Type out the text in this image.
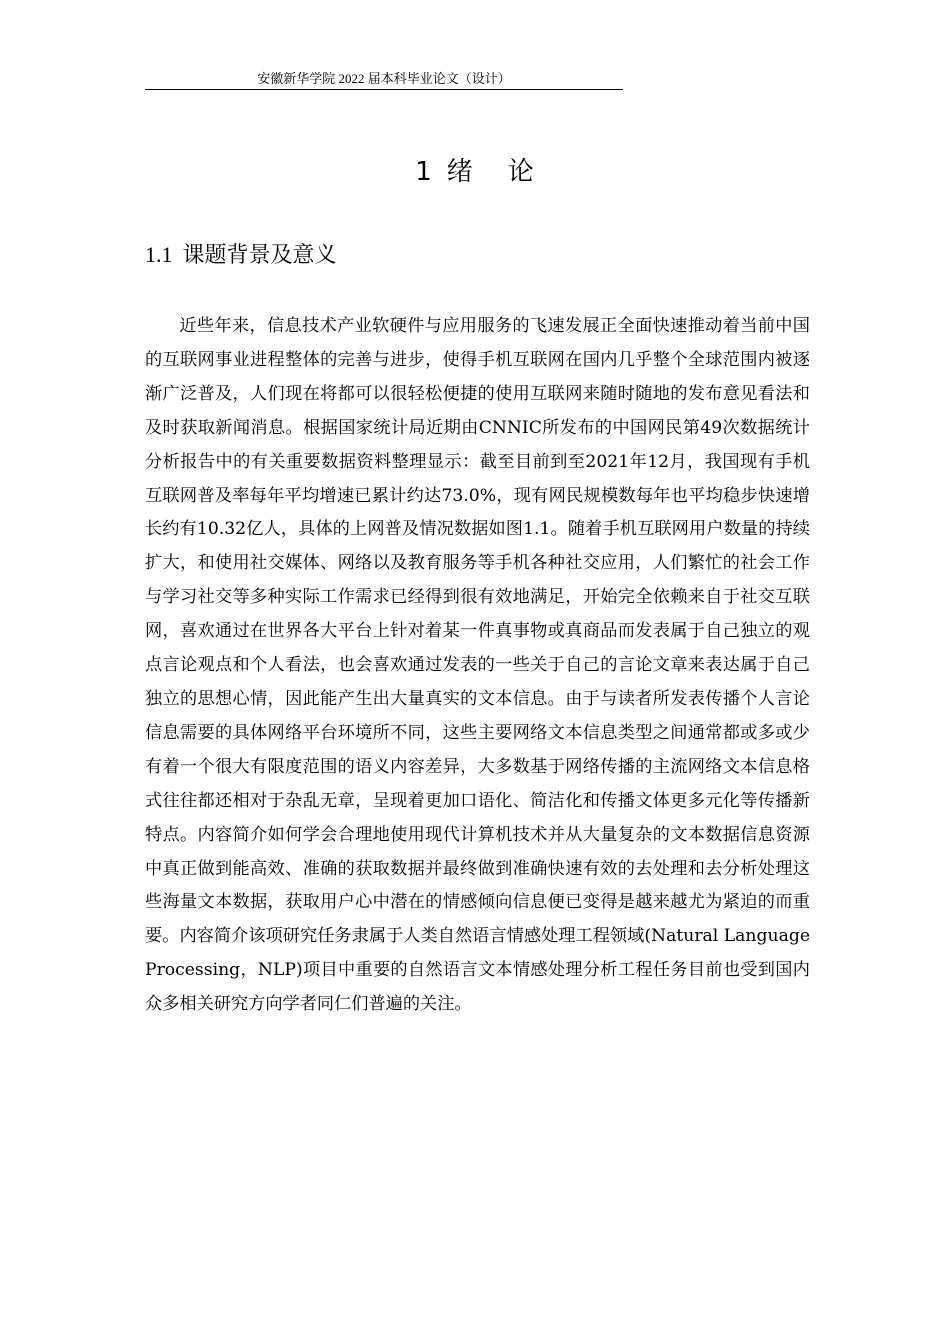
安徽新华学院 2022 届本科毕业论文（设计）
1 绪 论
1.1 课题背景及意义

近些年来，信息技术产业软硬件与应用服务的飞速发展正全面快速推动着当前中国的互联网事业进程整体的完善与进步，使得手机互联网在国内几乎整个全球范围内被逐渐广泛普及，人们现在将都可以很轻松便捷的使用互联网来随时随地的发布意见看法和及时获取新闻消息。根据国家统计局近期由CNNIC所发布的中国网民第49次数据统计分析报告中的有关重要数据资料整理显示：截至目前到至2021年12月，我国现有手机互联网普及率每年平均增速已累计约达73.0%，现有网民规模数每年也平均稳步快速增长约有10.32亿人，具体的上网普及情况数据如图1.1。随着手机互联网用户数量的持续扩大，和使用社交媒体、网络以及教育服务等手机各种社交应用，人们繁忙的社会工作与学习社交等多种实际工作需求已经得到很有效地满足，开始完全依赖来自于社交互联网，喜欢通过在世界各大平台上针对着某一件真事物或真商品而发表属于自己独立的观点言论观点和个人看法，也会喜欢通过发表的一些关于自己的言论文章来表达属于自己独立的思想心情，因此能产生出大量真实的文本信息。由于与读者所发表传播个人言论信息需要的具体网络平台环境所不同，这些主要网络文本信息类型之间通常都或多或少有着一个很大有限度范围的语义内容差异，大多数基于网络传播的主流网络文本信息格式往往都还相对于杂乱无章，呈现着更加口语化、简洁化和传播文体更多元化等传播新特点。内容简介如何学会合理地使用现代计算机技术并从大量复杂的文本数据信息资源中真正做到能高效、准确的获取数据并最终做到准确快速有效的去处理和去分析处理这些海量文本数据，获取用户心中潜在的情感倾向信息便已变得是越来越尤为紧迫的而重要。内容简介该项研究任务隶属于人类自然语言情感处理工程领域(Natural Language Processing，NLP)项目中重要的自然语言文本情感处理分析工程任务目前也受到国内众多相关研究方向学者同仁们普遍的关注。
